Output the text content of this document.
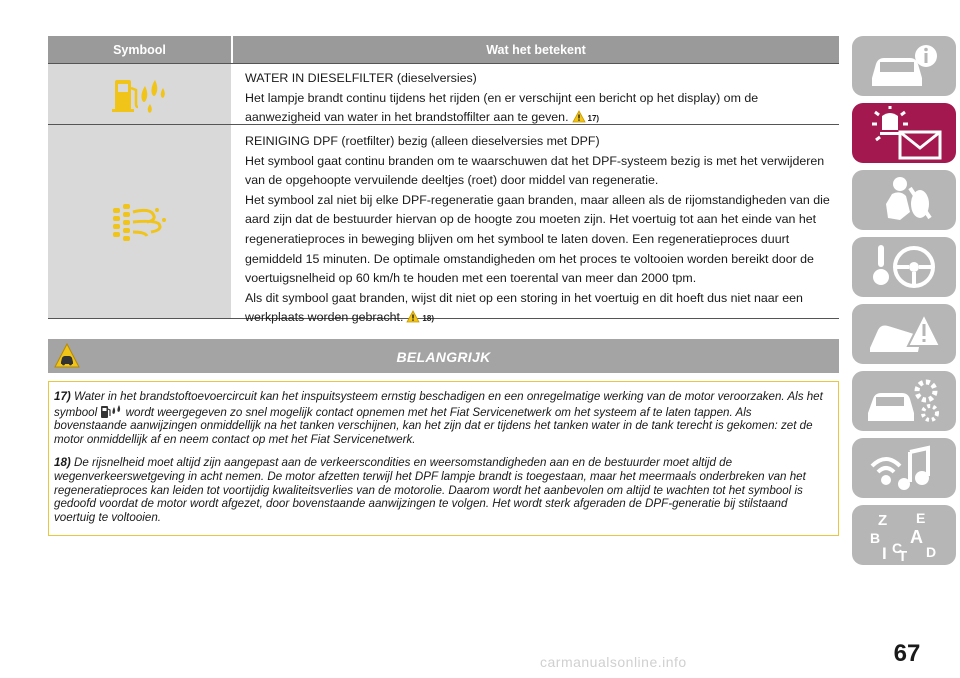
Symbool	Wat het betekent
WATER IN DIESELFILTER (dieselversies)
Het lampje brandt continu tijdens het rijden (en er verschijnt een bericht op het display) om de
aanwezigheid van water in het brandstoffilter aan te geven. 17)
REINIGING DPF (roetfilter) bezig (alleen dieselversies met DPF)
Het symbool gaat continu branden om te waarschuwen dat het DPF-systeem bezig is met het verwijderen
van de opgehoopte vervuilende deeltjes (roet) door middel van regeneratie.
Het symbool zal niet bij elke DPF-regeneratie gaan branden, maar alleen als de rijomstandigheden van die
aard zijn dat de bestuurder hiervan op de hoogte zou moeten zijn. Het voertuig tot aan het einde van het
regeneratieproces in beweging blijven om het symbool te laten doven. Een regeneratieproces duurt
gemiddeld 15 minuten. De optimale omstandigheden om het proces te voltooien worden bereikt door de
voertuigsnelheid op 60 km/h te houden met een toerental van meer dan 2000 tpm.
Als dit symbool gaat branden, wijst dit niet op een storing in het voertuig en dit hoeft dus niet naar een
werkplaats worden gebracht. 18)
BELANGRIJK

17) Water in het brandstoftoevoercircuit kan het inspuitsysteem ernstig beschadigen en een onregelmatige werking van de motor veroorzaken. Als het symbool wordt weergegeven zo snel mogelijk contact opnemen met het Fiat Servicenetwerk om het systeem af te laten tappen. Als bovenstaande aanwijzingen onmiddellijk na het tanken verschijnen, kan het zijn dat er tijdens het tanken water in de tank terecht is gekomen: zet de motor onmiddellijk af en neem contact op met het Fiat Servicenetwerk.

18) De rijsnelheid moet altijd zijn aangepast aan de verkeerscondities en weersomstandigheden aan en de bestuurder moet altijd de wegenverkeerswetgeving in acht nemen. De motor afzetten terwijl het DPF lampje brandt is toegestaan, maar het meermaals onderbreken van het regeneratieproces kan leiden tot voortijdig kwaliteitsverlies van de motorolie. Daarom wordt het aanbevolen om altijd te wachten tot het symbool is gedoofd voordat de motor wordt afgezet, door bovenstaande aanwijzingen te volgen. Het wordt sterk afgeraden de DPF-generatie bij stilstaand voertuig te voltooien.	Z E
B A
I C
T D
67
carmanualsonline.info
